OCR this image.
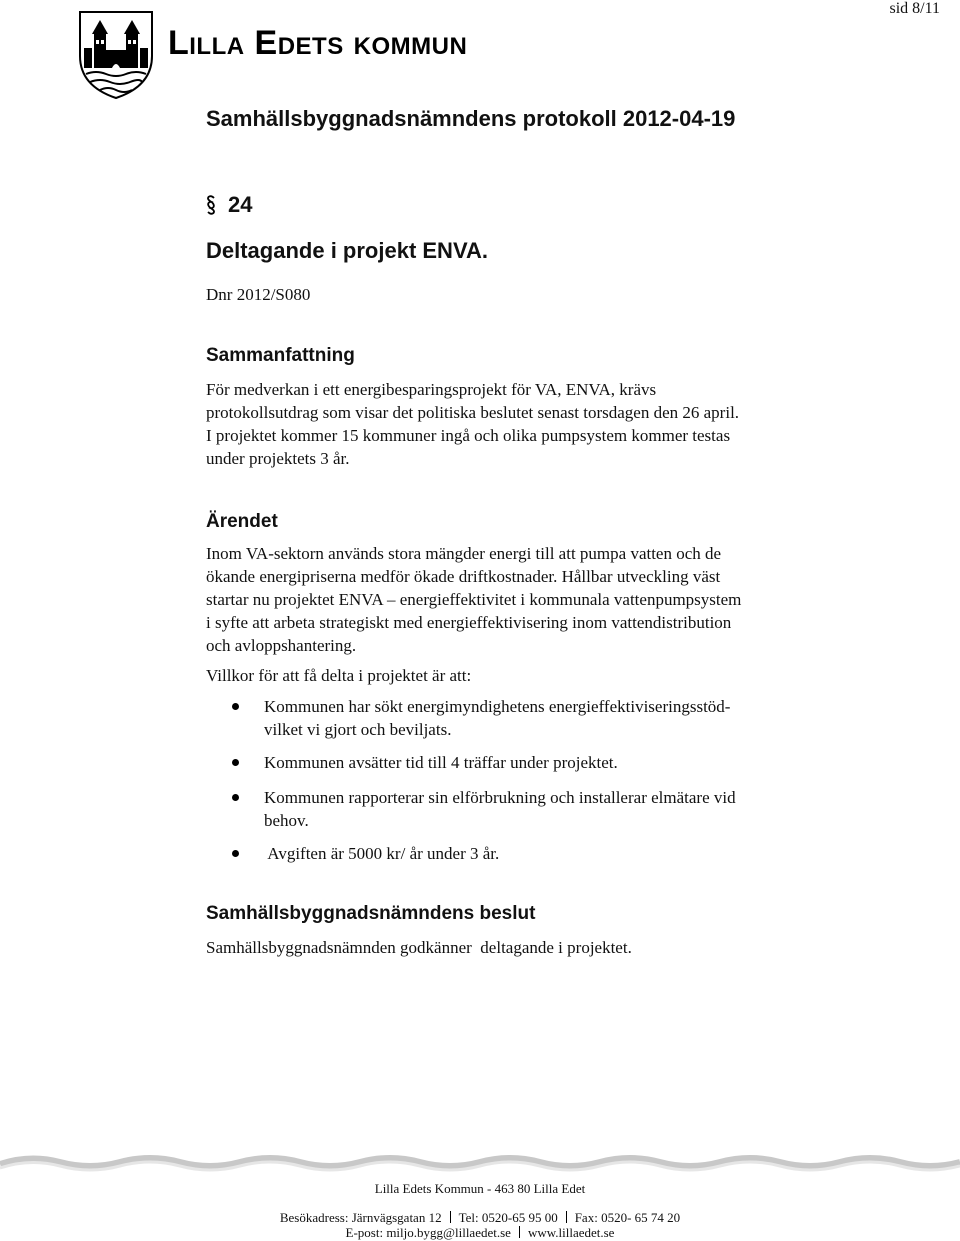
sid 8/11
Lilla Edets kommun
Samhällsbyggnadsnämndens protokoll 2012-04-19
24
Deltagande i projekt ENVA.
Dnr 2012/S080
Sammanfattning
För medverkan i ett energibesparingsprojekt för VA, ENVA, krävs
protokollsutdrag som visar det politiska beslutet senast torsdagen den 26 april.
I projektet kommer 15 kommuner ingå och olika pumpsystem kommer testas
under projektets 3 år.
Ärendet
Inom VA-sektorn används stora mängder energi till att pumpa vatten och de
ökande energipriserna medför ökade driftkostnader. Hållbar utveckling väst
startar nu projektet ENVA – energieffektivitet i kommunala vattenpumpsystem
i syfte att arbeta strategiskt med energieffektivisering inom vattendistribution
och avloppshantering.
Villkor för att få delta i projektet är att:
Kommunen har sökt energimyndighetens energieffektiviseringsstöd-
vilket vi gjort och beviljats.
Kommunen avsätter tid till 4 träffar under projektet.
Kommunen rapporterar sin elförbrukning och installerar elmätare vid
behov.
Avgiften är 5000 kr/ år under 3 år.
Samhällsbyggnadsnämndens beslut
Samhällsbyggnadsnämnden godkänner  deltagande i projektet.
Lilla Edets Kommun - 463 80 Lilla Edet
Besökadress: Järnvägsgatan 12 Tel: 0520-65 95 00 Fax: 0520- 65 74 20
E-post: miljo.bygg@lillaedet.se www.lillaedet.se
